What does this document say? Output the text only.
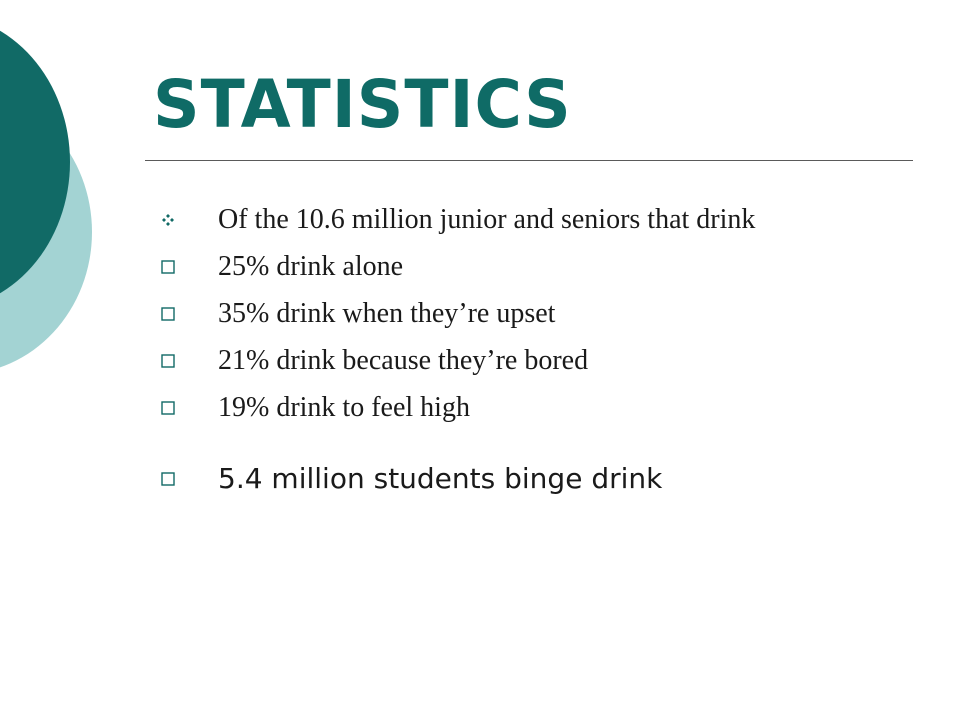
STATISTICS
Of the 10.6 million junior and seniors that drink
25% drink alone
35% drink when they’re upset
21% drink because they’re bored
19% drink to feel high
5.4 million students binge drink
